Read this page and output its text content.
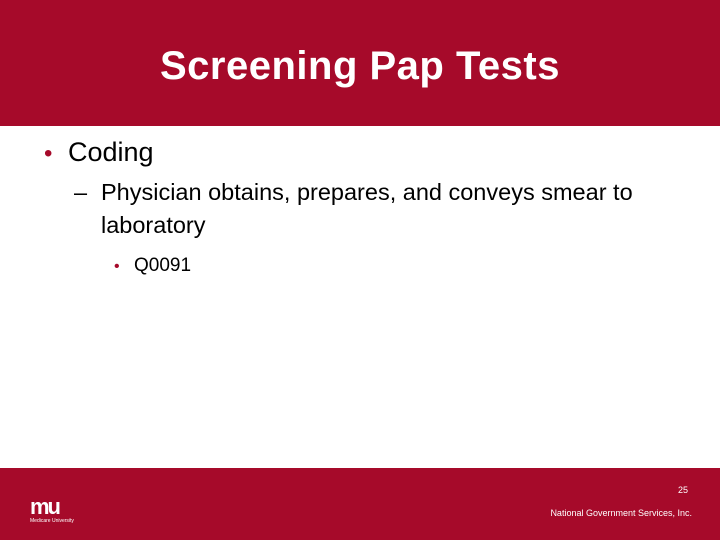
Screening Pap Tests
• Coding
– Physician obtains, prepares, and conveys smear to laboratory
• Q0091
mu
Medicare University
25
National Government Services, Inc.
